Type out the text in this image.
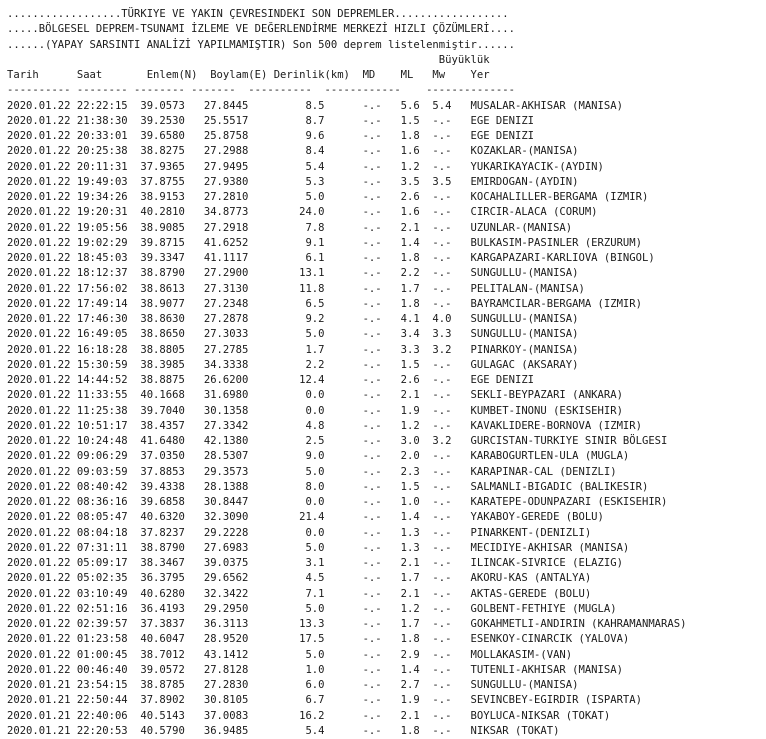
..................TÜRKIYE VE YAKIN ÇEVRESINDEKI SON DEPREMLER..................
.....BÖLGESEL DEPREM-TSUNAMI İZLEME VE DEĞERLENDİRME MERKEZİ HIZLI ÇÖZÜMLERİ....
......(YAPAY SARSINTI ANALİZİ YAPILMAMIŞTIR) Son 500 deprem listelenmiştir......
Büyüklük
Tarih      Saat       Enlem(N)  Boylam(E) Derinlik(km)  MD    ML   Mw    Yer
---------- -------- -------- -------  ----------  ------------    --------------
2020.01.22 22:22:15  39.0573   27.8445         8.5      -.-   5.6  5.4   MUSALAR-AKHISAR (MANISA)
2020.01.22 21:38:30  39.2530   25.5517         8.7      -.-   1.5  -.-   EGE DENIZI
2020.01.22 20:33:01  39.6580   25.8758         9.6      -.-   1.8  -.-   EGE DENIZI
2020.01.22 20:25:38  38.8275   27.2988         8.4      -.-   1.6  -.-   KOZAKLAR-(MANISA)
2020.01.22 20:11:31  37.9365   27.9495         5.4      -.-   1.2  -.-   YUKARIKAYACIK-(AYDIN)
2020.01.22 19:49:03  37.8755   27.9380         5.3      -.-   3.5  3.5   EMIRDOGAN-(AYDIN)
2020.01.22 19:34:26  38.9153   27.2810         5.0      -.-   2.6  -.-   KOCAHALILLER-BERGAMA (IZMIR)
2020.01.22 19:20:31  40.2810   34.8773        24.0      -.-   1.6  -.-   CIRCIR-ALACA (CORUM)
2020.01.22 19:05:56  38.9085   27.2918         7.8      -.-   2.1  -.-   UZUNLAR-(MANISA)
2020.01.22 19:02:29  39.8715   41.6252         9.1      -.-   1.4  -.-   BULKASIM-PASINLER (ERZURUM)
2020.01.22 18:45:03  39.3347   41.1117         6.1      -.-   1.8  -.-   KARGAPAZARI-KARLIOVA (BINGOL)
2020.01.22 18:12:37  38.8790   27.2900        13.1      -.-   2.2  -.-   SUNGULLU-(MANISA)
2020.01.22 17:56:02  38.8613   27.3130        11.8      -.-   1.7  -.-   PELITALAN-(MANISA)
2020.01.22 17:49:14  38.9077   27.2348         6.5      -.-   1.8  -.-   BAYRAMCILAR-BERGAMA (IZMIR)
2020.01.22 17:46:30  38.8630   27.2878         9.2      -.-   4.1  4.0   SUNGULLU-(MANISA)
2020.01.22 16:49:05  38.8650   27.3033         5.0      -.-   3.4  3.3   SUNGULLU-(MANISA)
2020.01.22 16:18:28  38.8805   27.2785         1.7      -.-   3.3  3.2   PINARKOY-(MANISA)
2020.01.22 15:30:59  38.3985   34.3338         2.2      -.-   1.5  -.-   GULAGAC (AKSARAY)
2020.01.22 14:44:52  38.8875   26.6200        12.4      -.-   2.6  -.-   EGE DENIZI
2020.01.22 11:33:55  40.1668   31.6980         0.0      -.-   2.1  -.-   SEKLI-BEYPAZARI (ANKARA)
2020.01.22 11:25:38  39.7040   30.1358         0.0      -.-   1.9  -.-   KUMBET-INONU (ESKISEHIR)
2020.01.22 10:51:17  38.4357   27.3342         4.8      -.-   1.2  -.-   KAVAKLIDERE-BORNOVA (IZMIR)
2020.01.22 10:24:48  41.6480   42.1380         2.5      -.-   3.0  3.2   GURCISTAN-TURKIYE SINIR BÖLGESI
2020.01.22 09:06:29  37.0350   28.5307         9.0      -.-   2.0  -.-   KARABOGURTLEN-ULA (MUGLA)
2020.01.22 09:03:59  37.8853   29.3573         5.0      -.-   2.3  -.-   KARAPINAR-CAL (DENIZLI)
2020.01.22 08:40:42  39.4338   28.1388         8.0      -.-   1.5  -.-   SALMANLI-BIGADIC (BALIKESIR)
2020.01.22 08:36:16  39.6858   30.8447         0.0      -.-   1.0  -.-   KARATEPE-ODUNPAZARI (ESKISEHIR)
2020.01.22 08:05:47  40.6320   32.3090        21.4      -.-   1.4  -.-   YAKABOY-GEREDE (BOLU)
2020.01.22 08:04:18  37.8237   29.2228         0.0      -.-   1.3  -.-   PINARKENT-(DENIZLI)
2020.01.22 07:31:11  38.8790   27.6983         5.0      -.-   1.3  -.-   MECIDIYE-AKHISAR (MANISA)
2020.01.22 05:09:17  38.3467   39.0375         3.1      -.-   2.1  -.-   ILINCAK-SIVRICE (ELAZIG)
2020.01.22 05:02:35  36.3795   29.6562         4.5      -.-   1.7  -.-   AKORU-KAS (ANTALYA)
2020.01.22 03:10:49  40.6280   32.3422         7.1      -.-   2.1  -.-   AKTAS-GEREDE (BOLU)
2020.01.22 02:51:16  36.4193   29.2950         5.0      -.-   1.2  -.-   GOLBENT-FETHIYE (MUGLA)
2020.01.22 02:39:57  37.3837   36.3113        13.3      -.-   1.7  -.-   GOKAHMETLI-ANDIRIN (KAHRAMANMARAS)
2020.01.22 01:23:58  40.6047   28.9520        17.5      -.-   1.8  -.-   ESENKOY-CINARCIK (YALOVA)
2020.01.22 01:00:45  38.7012   43.1412         5.0      -.-   2.9  -.-   MOLLAKASIM-(VAN)
2020.01.22 00:46:40  39.0572   27.8128         1.0      -.-   1.4  -.-   TUTENLI-AKHISAR (MANISA)
2020.01.21 23:54:15  38.8785   27.2830         6.0      -.-   2.7  -.-   SUNGULLU-(MANISA)
2020.01.21 22:50:44  37.8902   30.8105         6.7      -.-   1.9  -.-   SEVINCBEY-EGIRDIR (ISPARTA)
2020.01.21 22:40:06  40.5143   37.0083        16.2      -.-   2.1  -.-   BOYLUCA-NIKSAR (TOKAT)
2020.01.21 22:20:53  40.5790   36.9485         5.4      -.-   1.8  -.-   NIKSAR (TOKAT)
